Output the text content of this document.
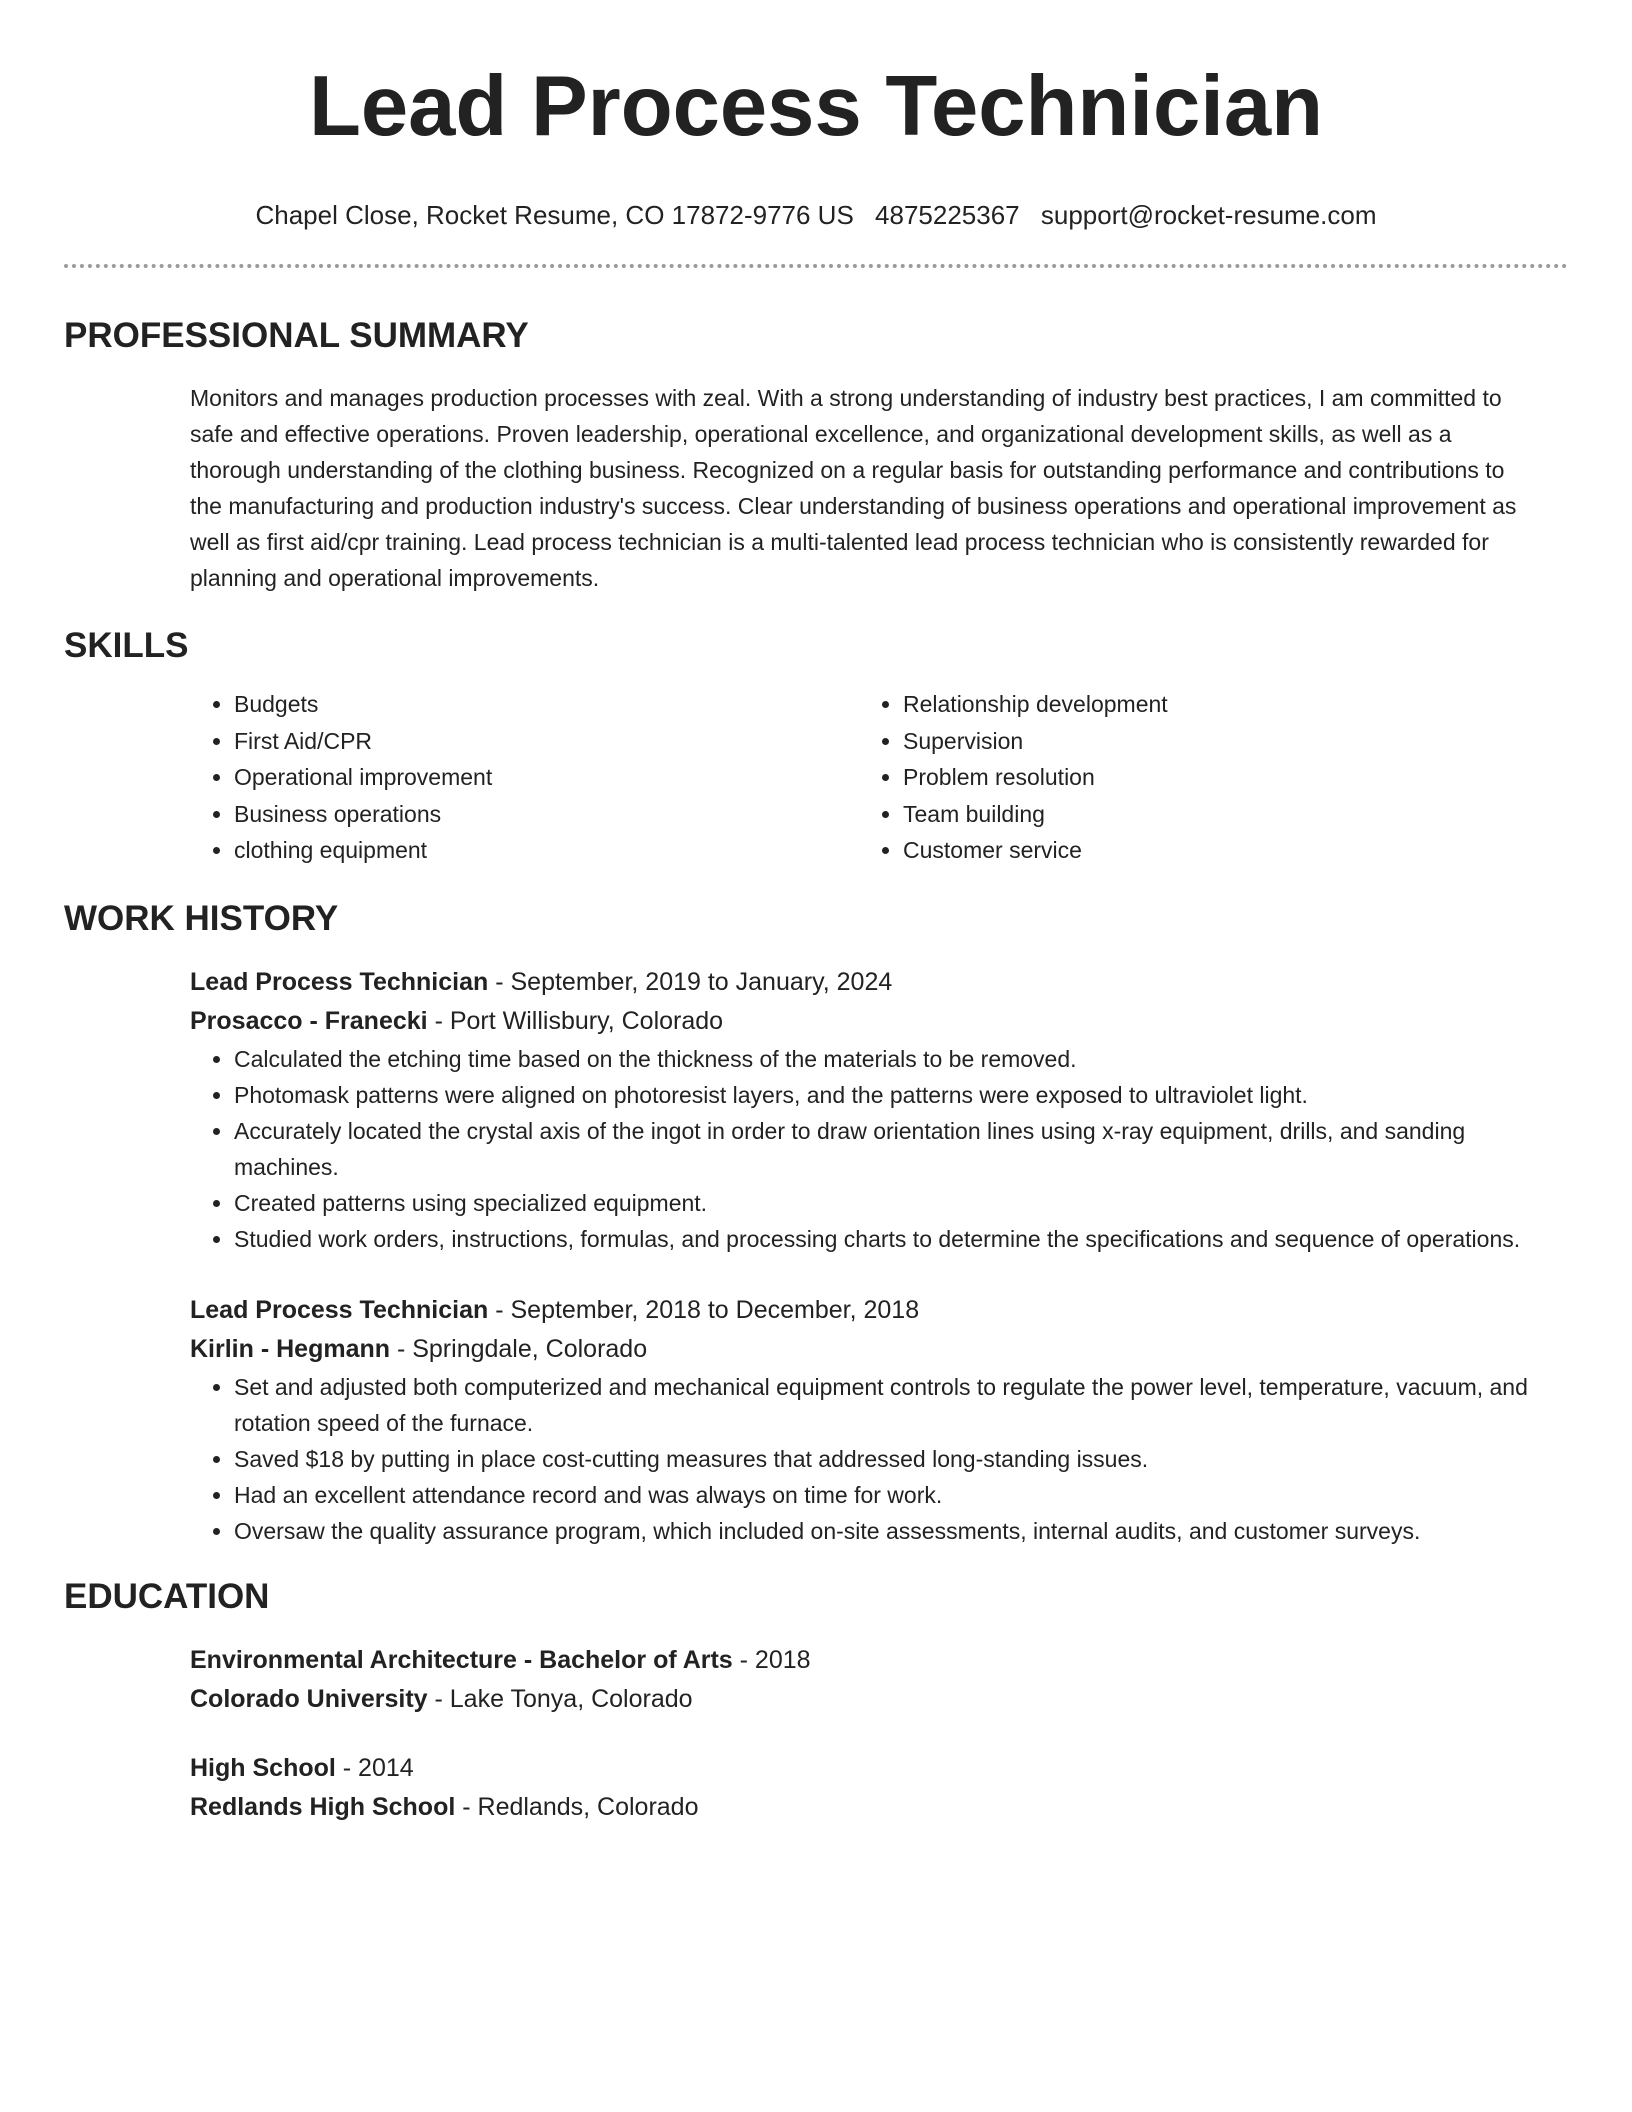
Lead Process Technician
Chapel Close, Rocket Resume, CO 17872-9776 US 4875225367 support@rocket-resume.com
PROFESSIONAL SUMMARY
Monitors and manages production processes with zeal. With a strong understanding of industry best practices, I am committed to safe and effective operations. Proven leadership, operational excellence, and organizational development skills, as well as a thorough understanding of the clothing business. Recognized on a regular basis for outstanding performance and contributions to the manufacturing and production industry's success. Clear understanding of business operations and operational improvement as well as first aid/cpr training. Lead process technician is a multi-talented lead process technician who is consistently rewarded for planning and operational improvements.
SKILLS
• Budgets
• First Aid/CPR
• Operational improvement
• Business operations
• clothing equipment
• Relationship development
• Supervision
• Problem resolution
• Team building
• Customer service
WORK HISTORY
Lead Process Technician - September, 2019 to January, 2024
Prosacco - Franecki - Port Willisbury, Colorado
• Calculated the etching time based on the thickness of the materials to be removed.
• Photomask patterns were aligned on photoresist layers, and the patterns were exposed to ultraviolet light.
• Accurately located the crystal axis of the ingot in order to draw orientation lines using x-ray equipment, drills, and sanding machines.
• Created patterns using specialized equipment.
• Studied work orders, instructions, formulas, and processing charts to determine the specifications and sequence of operations.
Lead Process Technician - September, 2018 to December, 2018
Kirlin - Hegmann - Springdale, Colorado
• Set and adjusted both computerized and mechanical equipment controls to regulate the power level, temperature, vacuum, and rotation speed of the furnace.
• Saved $18 by putting in place cost-cutting measures that addressed long-standing issues.
• Had an excellent attendance record and was always on time for work.
• Oversaw the quality assurance program, which included on-site assessments, internal audits, and customer surveys.
EDUCATION
Environmental Architecture - Bachelor of Arts - 2018
Colorado University - Lake Tonya, Colorado
High School - 2014
Redlands High School - Redlands, Colorado
